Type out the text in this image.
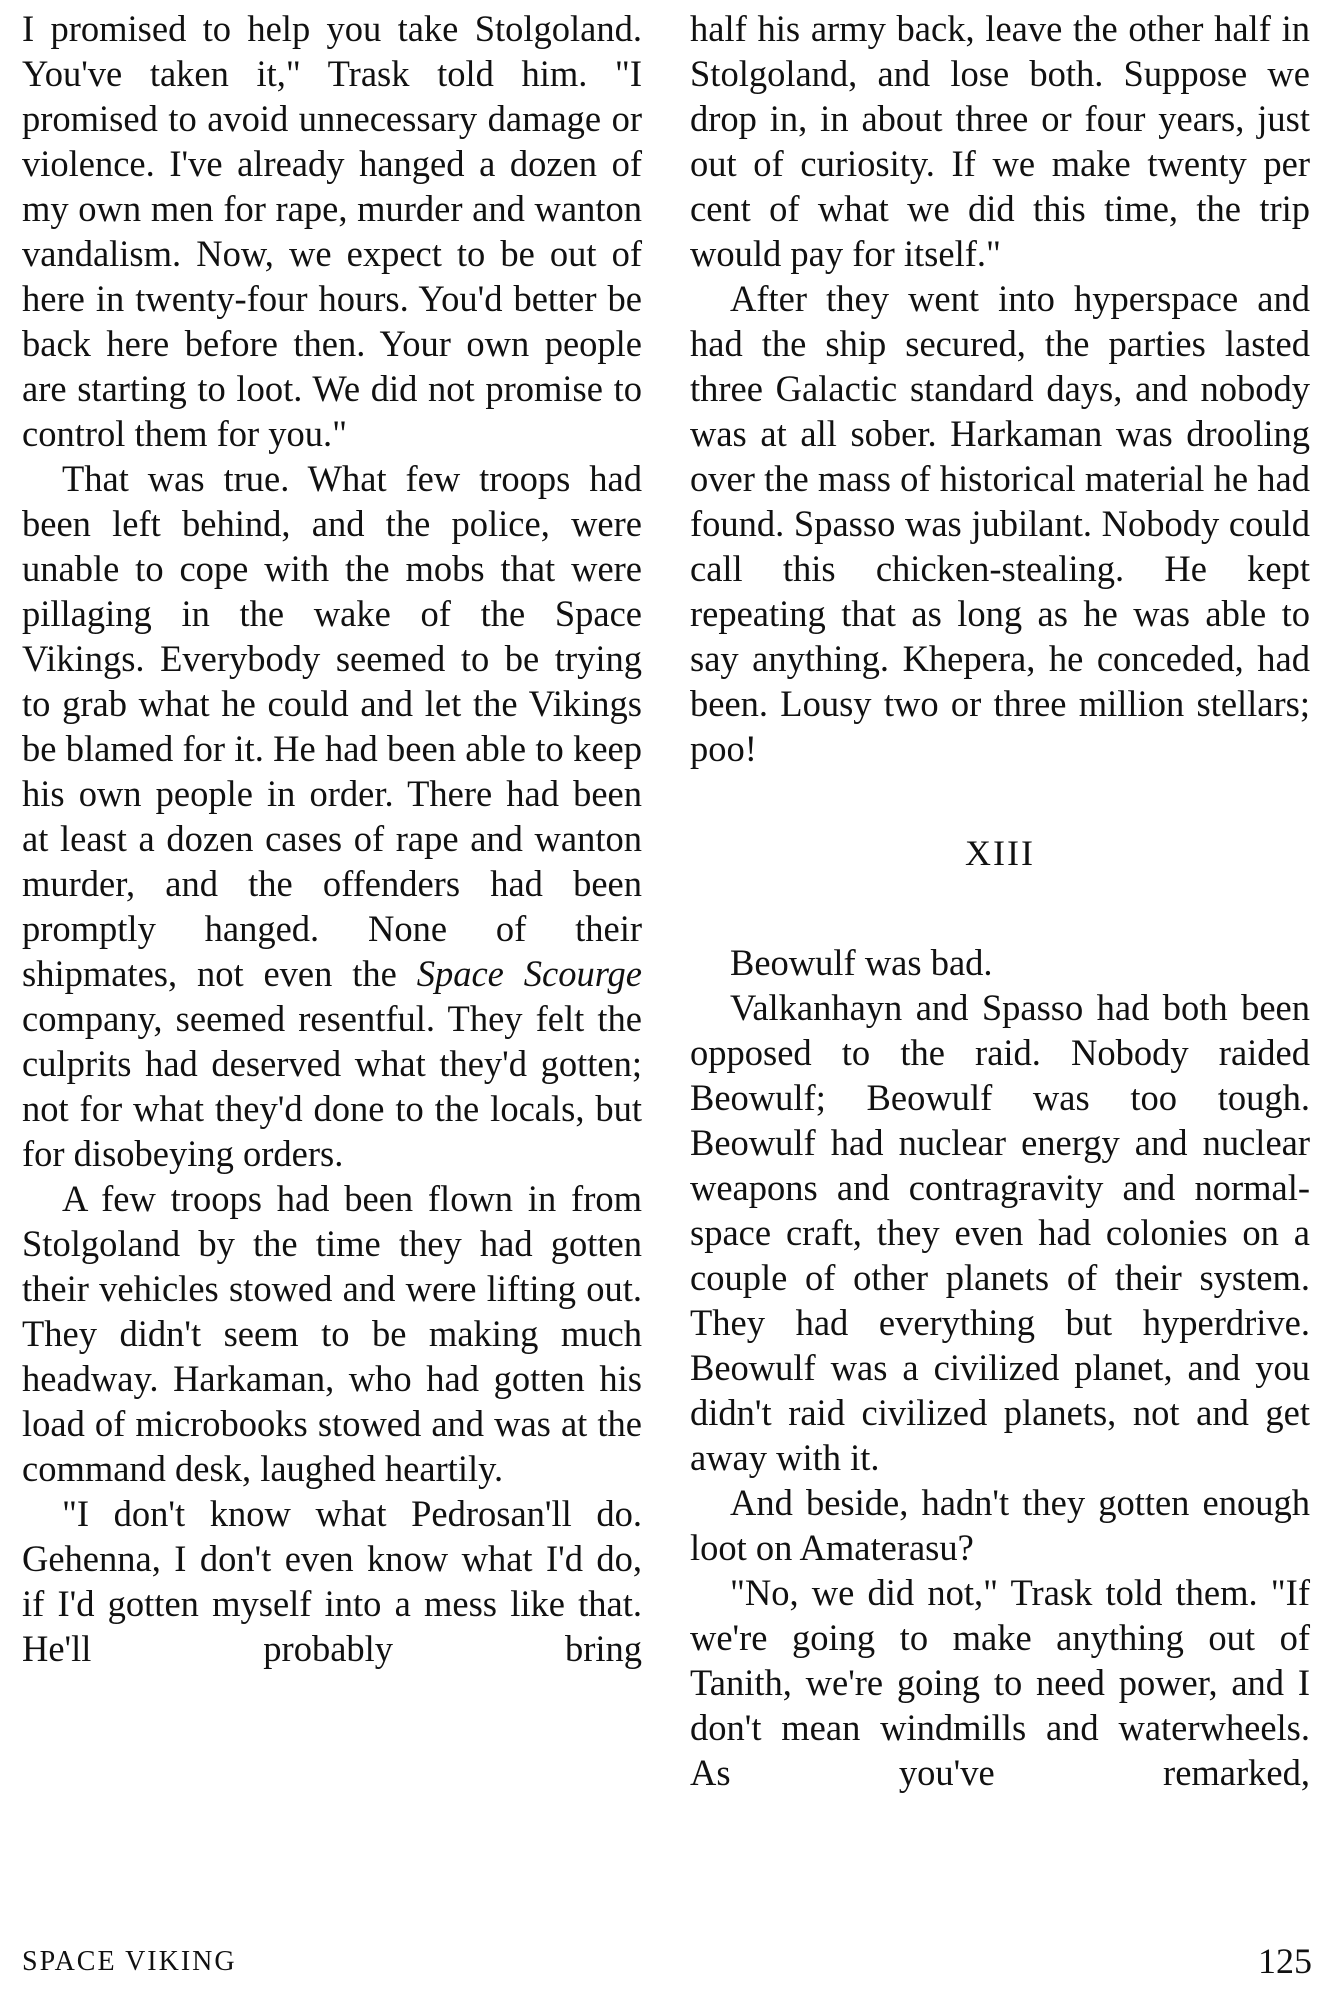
I promised to help you take Stolgoland. You've taken it," Trask told him. "I promised to avoid unnecessary damage or violence. I've already hanged a dozen of my own men for rape, murder and wanton vandalism. Now, we expect to be out of here in twenty-four hours. You'd better be back here before then. Your own people are starting to loot. We did not promise to control them for you."

That was true. What few troops had been left behind, and the police, were unable to cope with the mobs that were pillaging in the wake of the Space Vikings. Everybody seemed to be trying to grab what he could and let the Vikings be blamed for it. He had been able to keep his own people in order. There had been at least a dozen cases of rape and wanton murder, and the offenders had been promptly hanged. None of their shipmates, not even the Space Scourge company, seemed resentful. They felt the culprits had deserved what they'd gotten; not for what they'd done to the locals, but for disobeying orders.

A few troops had been flown in from Stolgoland by the time they had gotten their vehicles stowed and were lifting out. They didn't seem to be making much headway. Harkaman, who had gotten his load of microbooks stowed and was at the command desk, laughed heartily.

"I don't know what Pedrosan'll do. Gehenna, I don't even know what I'd do, if I'd gotten myself into a mess like that. He'll probably bring

half his army back, leave the other half in Stolgoland, and lose both. Suppose we drop in, in about three or four years, just out of curiosity. If we make twenty per cent of what we did this time, the trip would pay for itself."

After they went into hyperspace and had the ship secured, the parties lasted three Galactic standard days, and nobody was at all sober. Harkaman was drooling over the mass of historical material he had found. Spasso was jubilant. Nobody could call this chicken-stealing. He kept repeating that as long as he was able to say anything. Khepera, he conceded, had been. Lousy two or three million stellars; poo!

XIII

Beowulf was bad.

Valkanhayn and Spasso had both been opposed to the raid. Nobody raided Beowulf; Beowulf was too tough. Beowulf had nuclear energy and nuclear weapons and contragravity and normal-space craft, they even had colonies on a couple of other planets of their system. They had everything but hyperdrive. Beowulf was a civilized planet, and you didn't raid civilized planets, not and get away with it.

And beside, hadn't they gotten enough loot on Amaterasu?

"No, we did not," Trask told them. "If we're going to make anything out of Tanith, we're going to need power, and I don't mean windmills and waterwheels. As you've remarked,

SPACE VIKING	125
